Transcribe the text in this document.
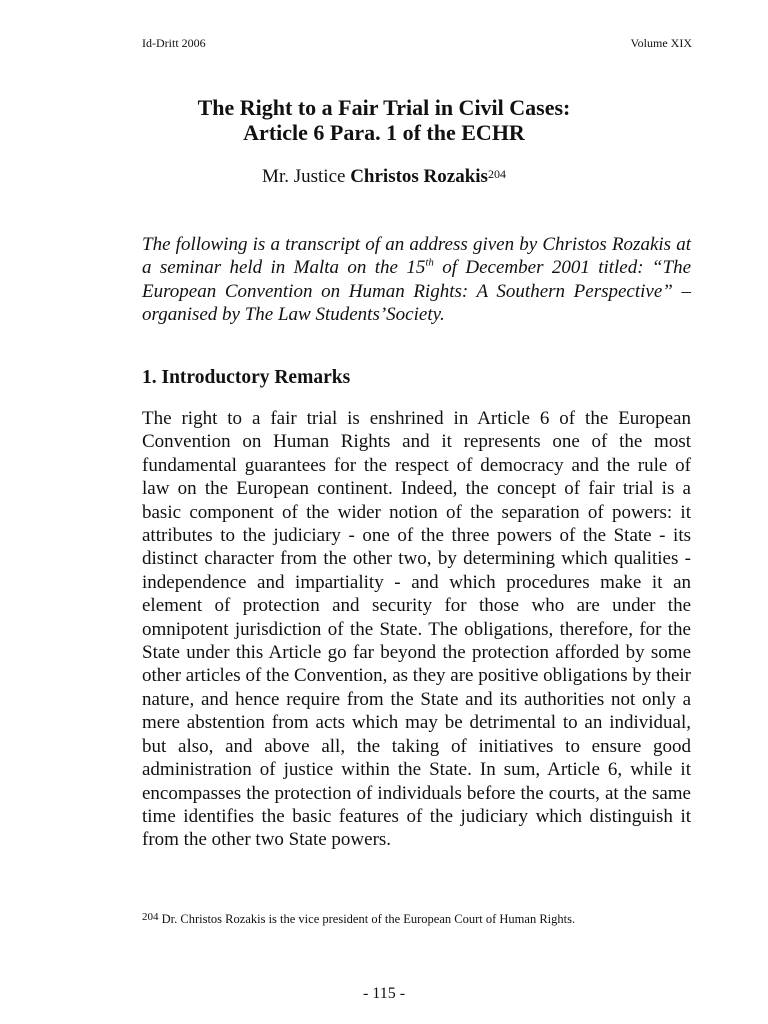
Id-Dritt 2006	Volume XIX
The Right to a Fair Trial in Civil Cases:
Article 6 Para. 1 of the ECHR
Mr. Justice Christos Rozakis$^{204}$
The following is a transcript of an address given by Christos Rozakis at a seminar held in Malta on the 15th of December 2001 titled: “The European Convention on Human Rights: A Southern Perspective” – organised by The Law Students’Society.
1. Introductory Remarks
The right to a fair trial is enshrined in Article 6 of the European Convention on Human Rights and it represents one of the most fundamental guarantees for the respect of democracy and the rule of law on the European continent. Indeed, the concept of fair trial is a basic component of the wider notion of the separation of powers: it attributes to the judiciary - one of the three powers of the State - its distinct character from the other two, by determining which qualities - independence and impartiality - and which procedures make it an element of protection and security for those who are under the omnipotent jurisdiction of the State. The obligations, therefore, for the State under this Article go far beyond the protection afforded by some other articles of the Convention, as they are positive obligations by their nature, and hence require from the State and its authorities not only a mere abstention from acts which may be detrimental to an individual, but also, and above all, the taking of initiatives to ensure good administration of justice within the State. In sum, Article 6, while it encompasses the protection of individuals before the courts, at the same time identifies the basic features of the judiciary which distinguish it from the other two State powers.
$^{204}$ Dr. Christos Rozakis is the vice president of the European Court of Human Rights.
- 115 -
